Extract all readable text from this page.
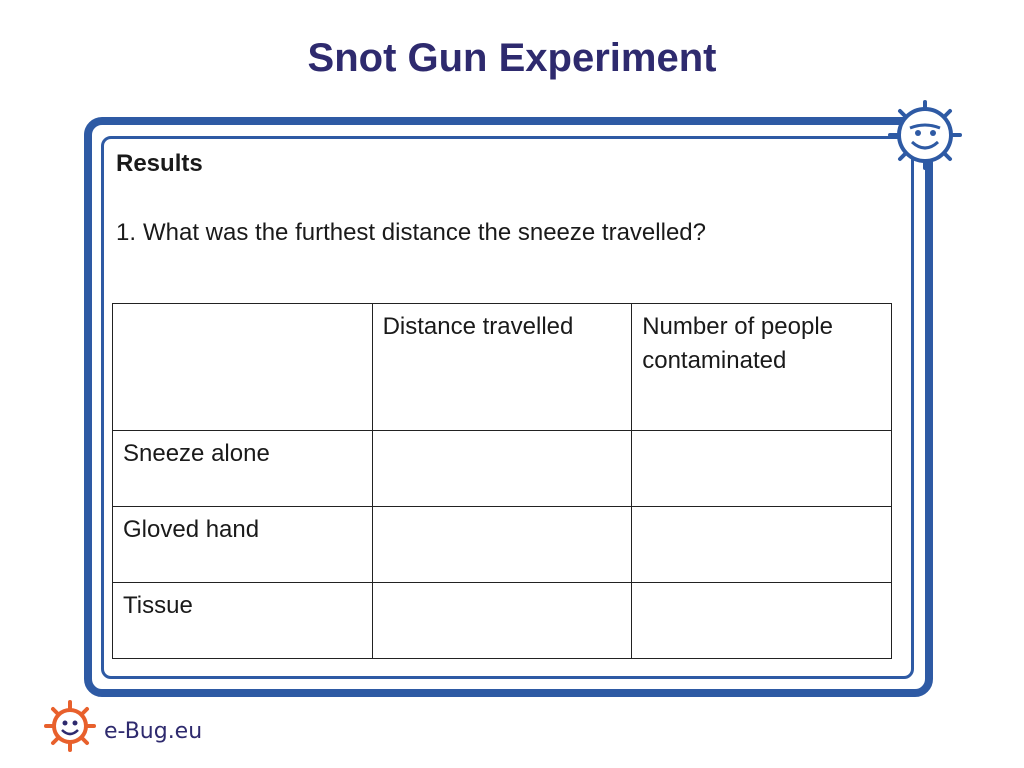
Snot Gun Experiment
Results

1. What was the furthest distance the sneeze travelled?

	Distance travelled	Number of people contaminated
Sneeze alone		
Gloved hand		
Tissue		
e-Bug.eu
